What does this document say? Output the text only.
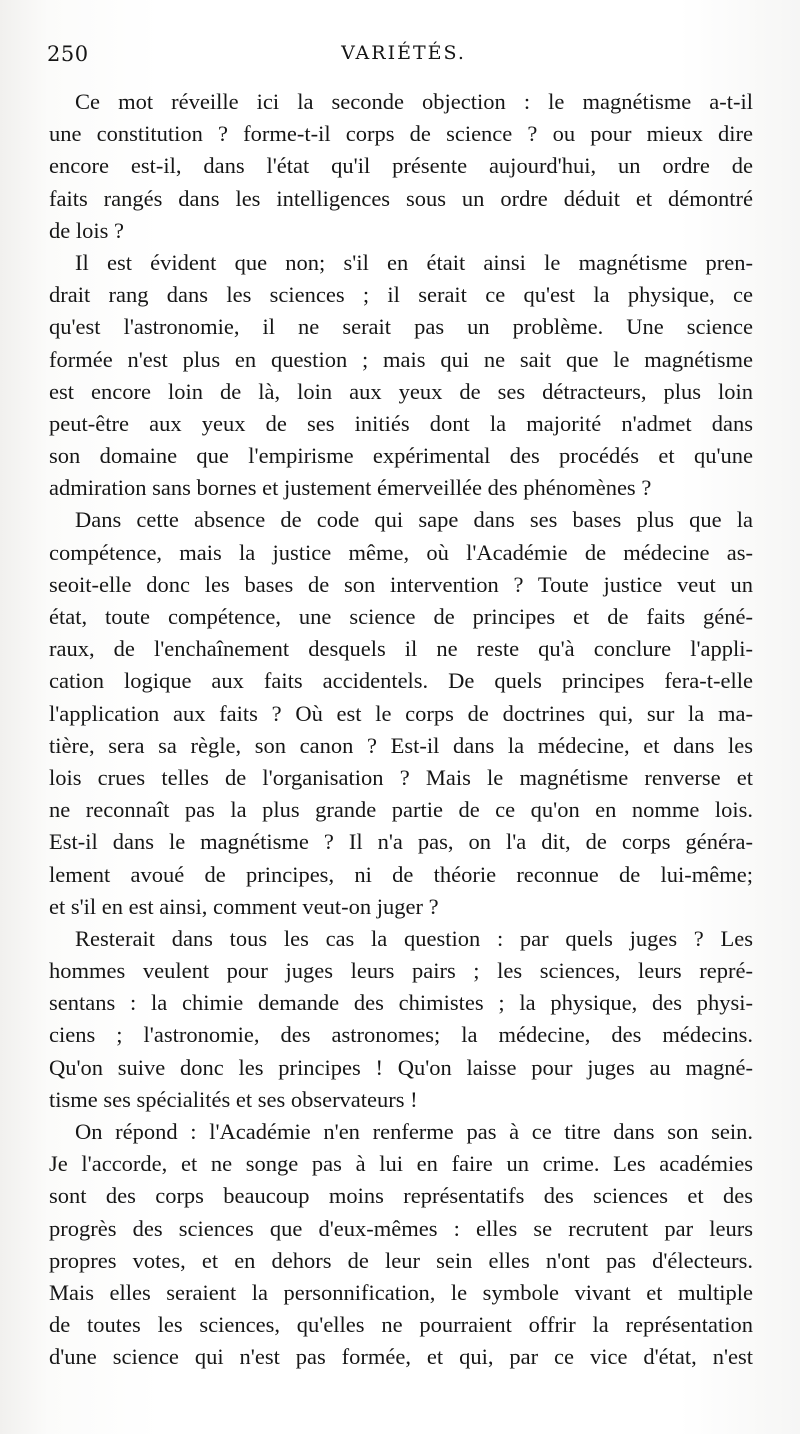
250	VARIÉTÉS.
Ce mot réveille ici la seconde objection : le magnétisme a-t-il
une constitution ? forme-t-il corps de science ? ou pour mieux dire
encore est-il, dans l'état qu'il présente aujourd'hui, un ordre de
faits rangés dans les intelligences sous un ordre déduit et démontré
de lois ?
Il est évident que non; s'il en était ainsi le magnétisme pren-
drait rang dans les sciences ; il serait ce qu'est la physique, ce
qu'est l'astronomie, il ne serait pas un problème. Une science
formée n'est plus en question ; mais qui ne sait que le magnétisme
est encore loin de là, loin aux yeux de ses détracteurs, plus loin
peut-être aux yeux de ses initiés dont la majorité n'admet dans
son domaine que l'empirisme expérimental des procédés et qu'une
admiration sans bornes et justement émerveillée des phénomènes ?
Dans cette absence de code qui sape dans ses bases plus que la
compétence, mais la justice même, où l'Académie de médecine as-
seoit-elle donc les bases de son intervention ? Toute justice veut un
état, toute compétence, une science de principes et de faits géné-
raux, de l'enchaînement desquels il ne reste qu'à conclure l'appli-
cation logique aux faits accidentels. De quels principes fera-t-elle
l'application aux faits ? Où est le corps de doctrines qui, sur la ma-
tière, sera sa règle, son canon ? Est-il dans la médecine, et dans les
lois crues telles de l'organisation ? Mais le magnétisme renverse et
ne reconnaît pas la plus grande partie de ce qu'on en nomme lois.
Est-il dans le magnétisme ? Il n'a pas, on l'a dit, de corps généra-
lement avoué de principes, ni de théorie reconnue de lui-même;
et s'il en est ainsi, comment veut-on juger ?
Resterait dans tous les cas la question : par quels juges ? Les
hommes veulent pour juges leurs pairs ; les sciences, leurs repré-
sentans : la chimie demande des chimistes ; la physique, des physi-
ciens ; l'astronomie, des astronomes; la médecine, des médecins.
Qu'on suive donc les principes ! Qu'on laisse pour juges au magné-
tisme ses spécialités et ses observateurs !
On répond : l'Académie n'en renferme pas à ce titre dans son sein.
Je l'accorde, et ne songe pas à lui en faire un crime. Les académies
sont des corps beaucoup moins représentatifs des sciences et des
progrès des sciences que d'eux-mêmes : elles se recrutent par leurs
propres votes, et en dehors de leur sein elles n'ont pas d'électeurs.
Mais elles seraient la personnification, le symbole vivant et multiple
de toutes les sciences, qu'elles ne pourraient offrir la représentation
d'une science qui n'est pas formée, et qui, par ce vice d'état, n'est
